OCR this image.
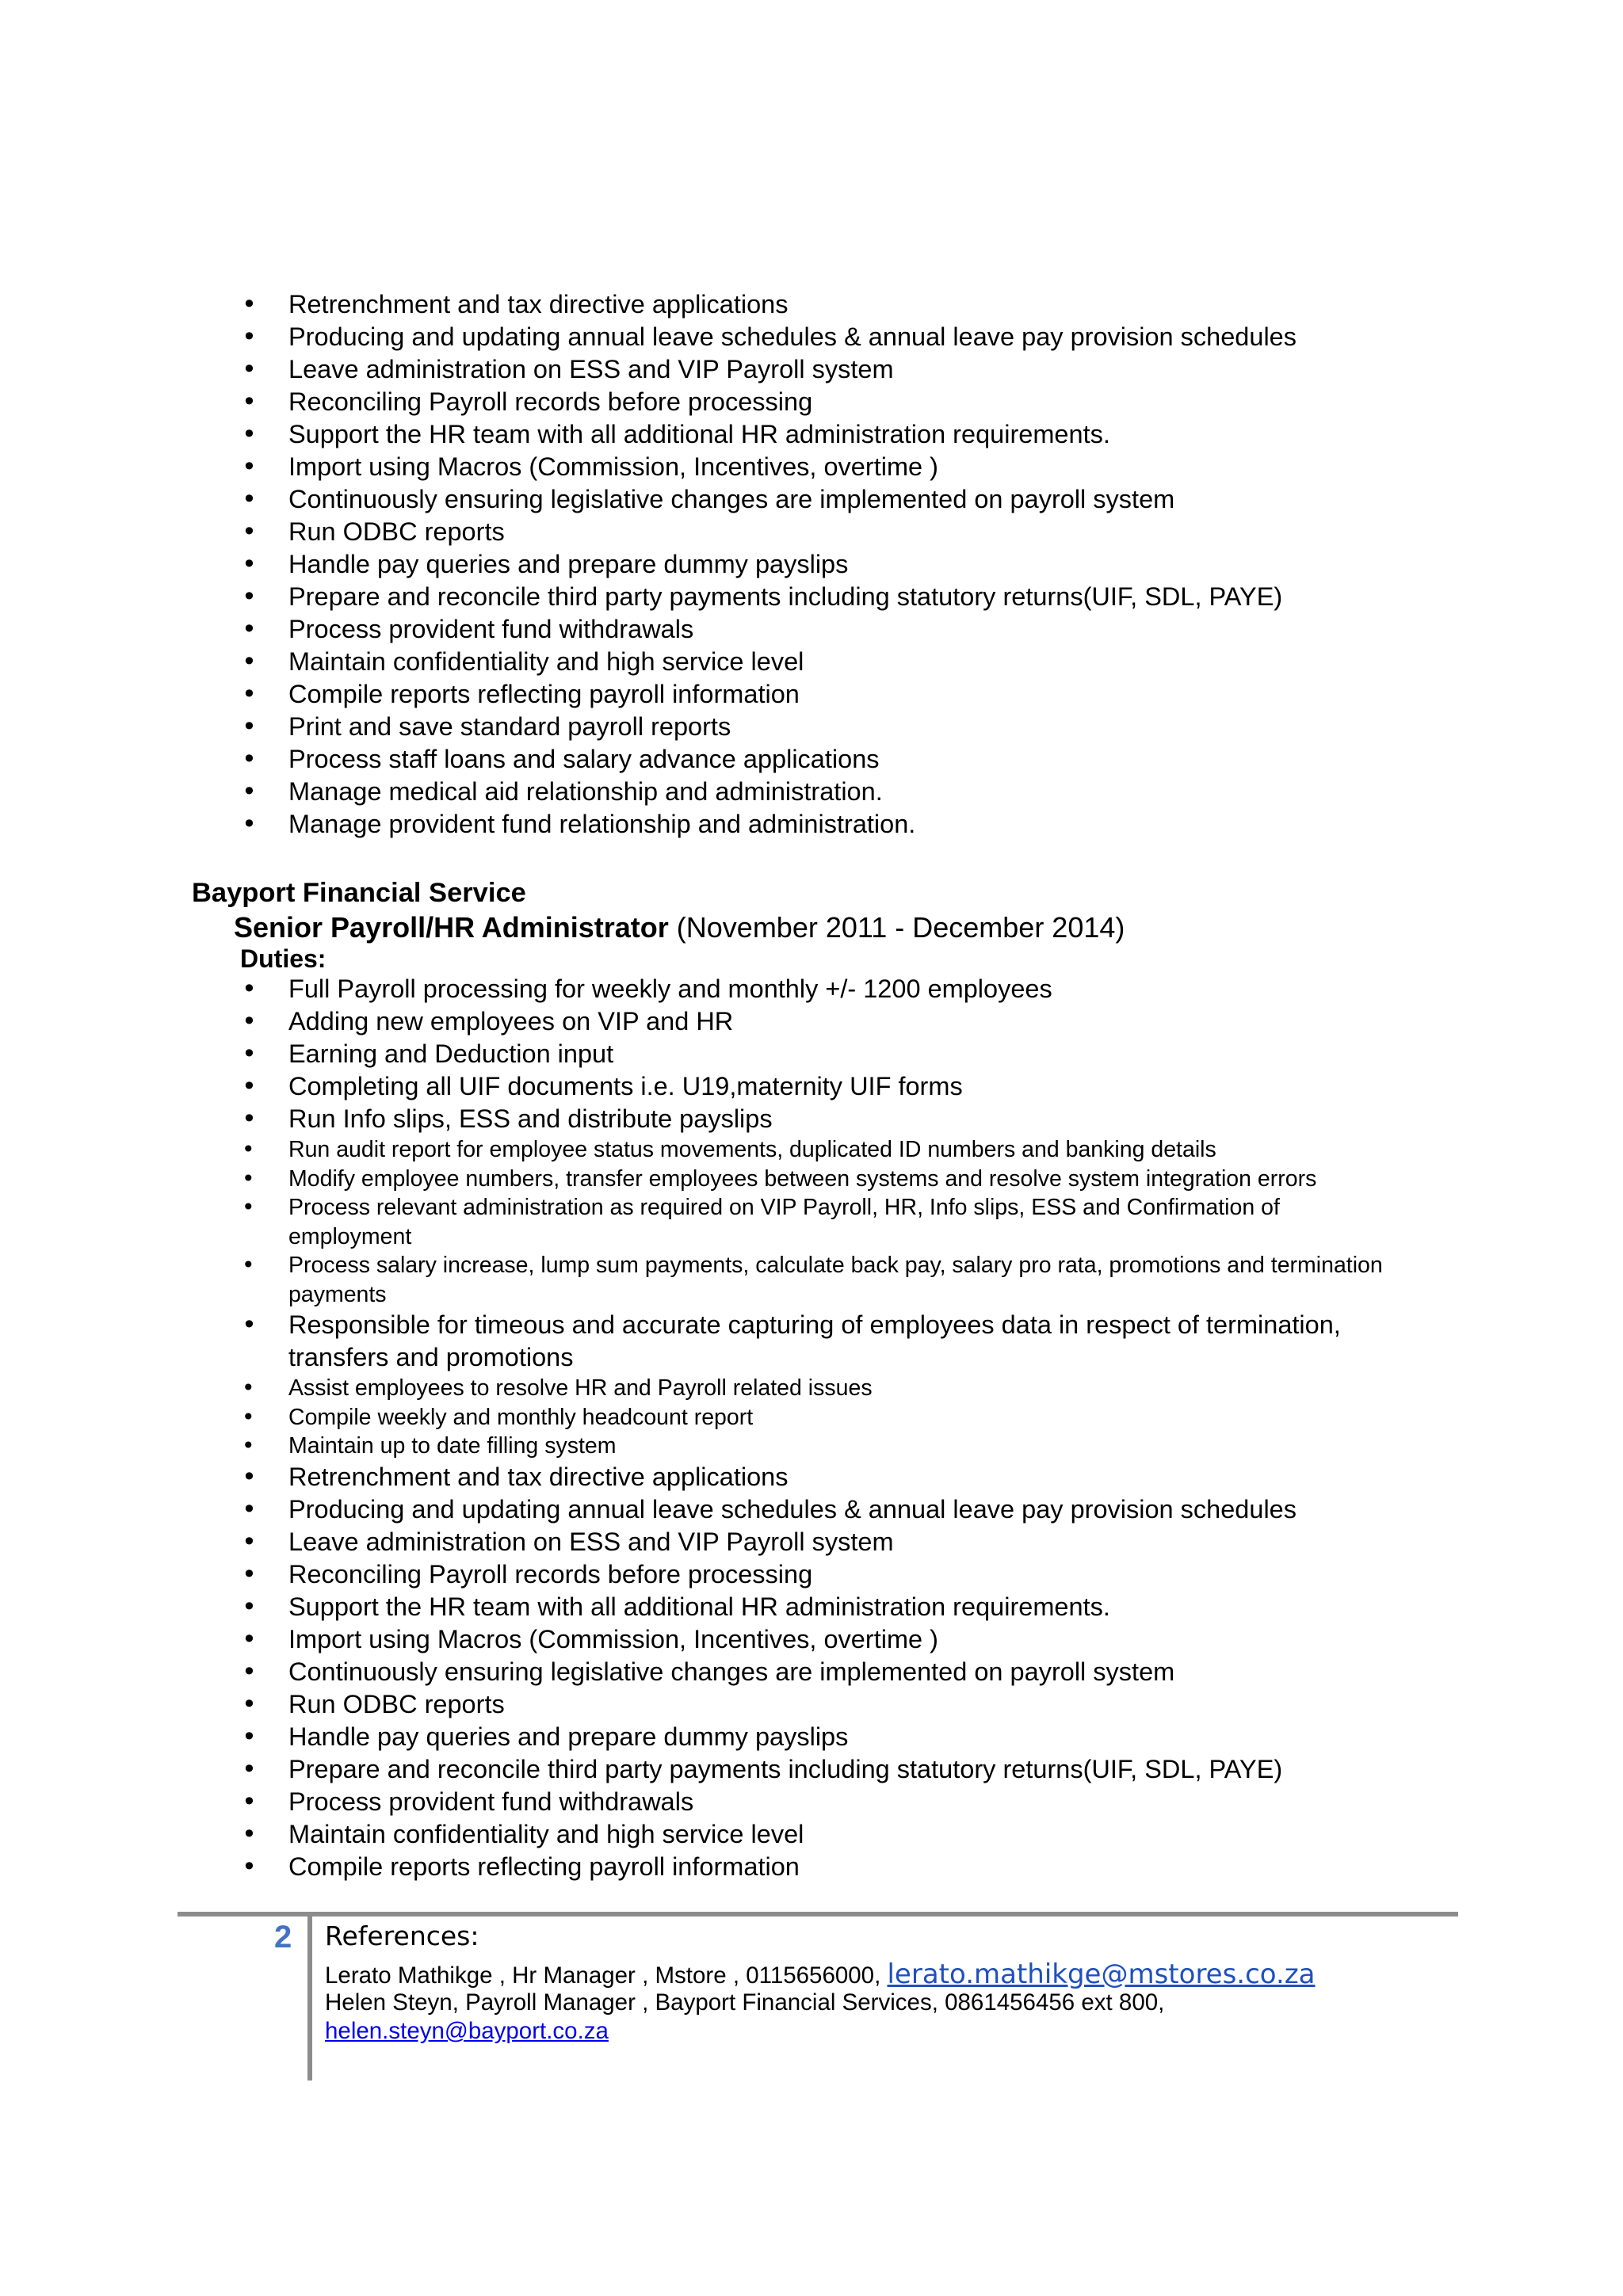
• Retrenchment and tax directive applications
• Producing and updating annual leave schedules & annual leave pay provision schedules
• Leave administration on ESS and VIP Payroll system
• Reconciling Payroll records before processing
• Support the HR team with all additional HR administration requirements.
• Import using Macros (Commission, Incentives, overtime )
• Continuously ensuring legislative changes are implemented on payroll system
• Run ODBC reports
• Handle pay queries and prepare dummy payslips
• Prepare and reconcile third party payments including statutory returns(UIF, SDL, PAYE)
• Process provident fund withdrawals
• Maintain confidentiality and high service level
• Compile reports reflecting payroll information
• Print and save standard payroll reports
• Process staff loans and salary advance applications
• Manage medical aid relationship and administration.
• Manage provident fund relationship and administration.
Bayport Financial Service
Senior Payroll/HR Administrator (November 2011 - December 2014)
Duties:
• Full Payroll processing for weekly and monthly +/- 1200 employees
• Adding new employees on VIP and HR
• Earning and Deduction input
• Completing all UIF documents i.e. U19,maternity UIF forms
• Run Info slips, ESS and distribute payslips
• Run audit report for employee status movements, duplicated ID numbers and banking details
• Modify employee numbers, transfer employees between systems and resolve system integration errors
• Process relevant administration as required on VIP Payroll, HR, Info slips, ESS and Confirmation of employment
• Process salary increase, lump sum payments, calculate back pay, salary pro rata, promotions and termination payments
• Responsible for timeous and accurate capturing of employees data in respect of termination, transfers and promotions
• Assist employees to resolve HR and Payroll related issues
• Compile weekly and monthly headcount report
• Maintain up to date filling system
• Retrenchment and tax directive applications
• Producing and updating annual leave schedules & annual leave pay provision schedules
• Leave administration on ESS and VIP Payroll system
• Reconciling Payroll records before processing
• Support the HR team with all additional HR administration requirements.
• Import using Macros (Commission, Incentives, overtime )
• Continuously ensuring legislative changes are implemented on payroll system
• Run ODBC reports
• Handle pay queries and prepare dummy payslips
• Prepare and reconcile third party payments including statutory returns(UIF, SDL, PAYE)
• Process provident fund withdrawals
• Maintain confidentiality and high service level
• Compile reports reflecting payroll information
2 References:
Lerato Mathikge , Hr Manager , Mstore , 0115656000, lerato.mathikge@mstores.co.za
Helen Steyn, Payroll Manager , Bayport Financial Services, 0861456456 ext 800,
helen.steyn@bayport.co.za
